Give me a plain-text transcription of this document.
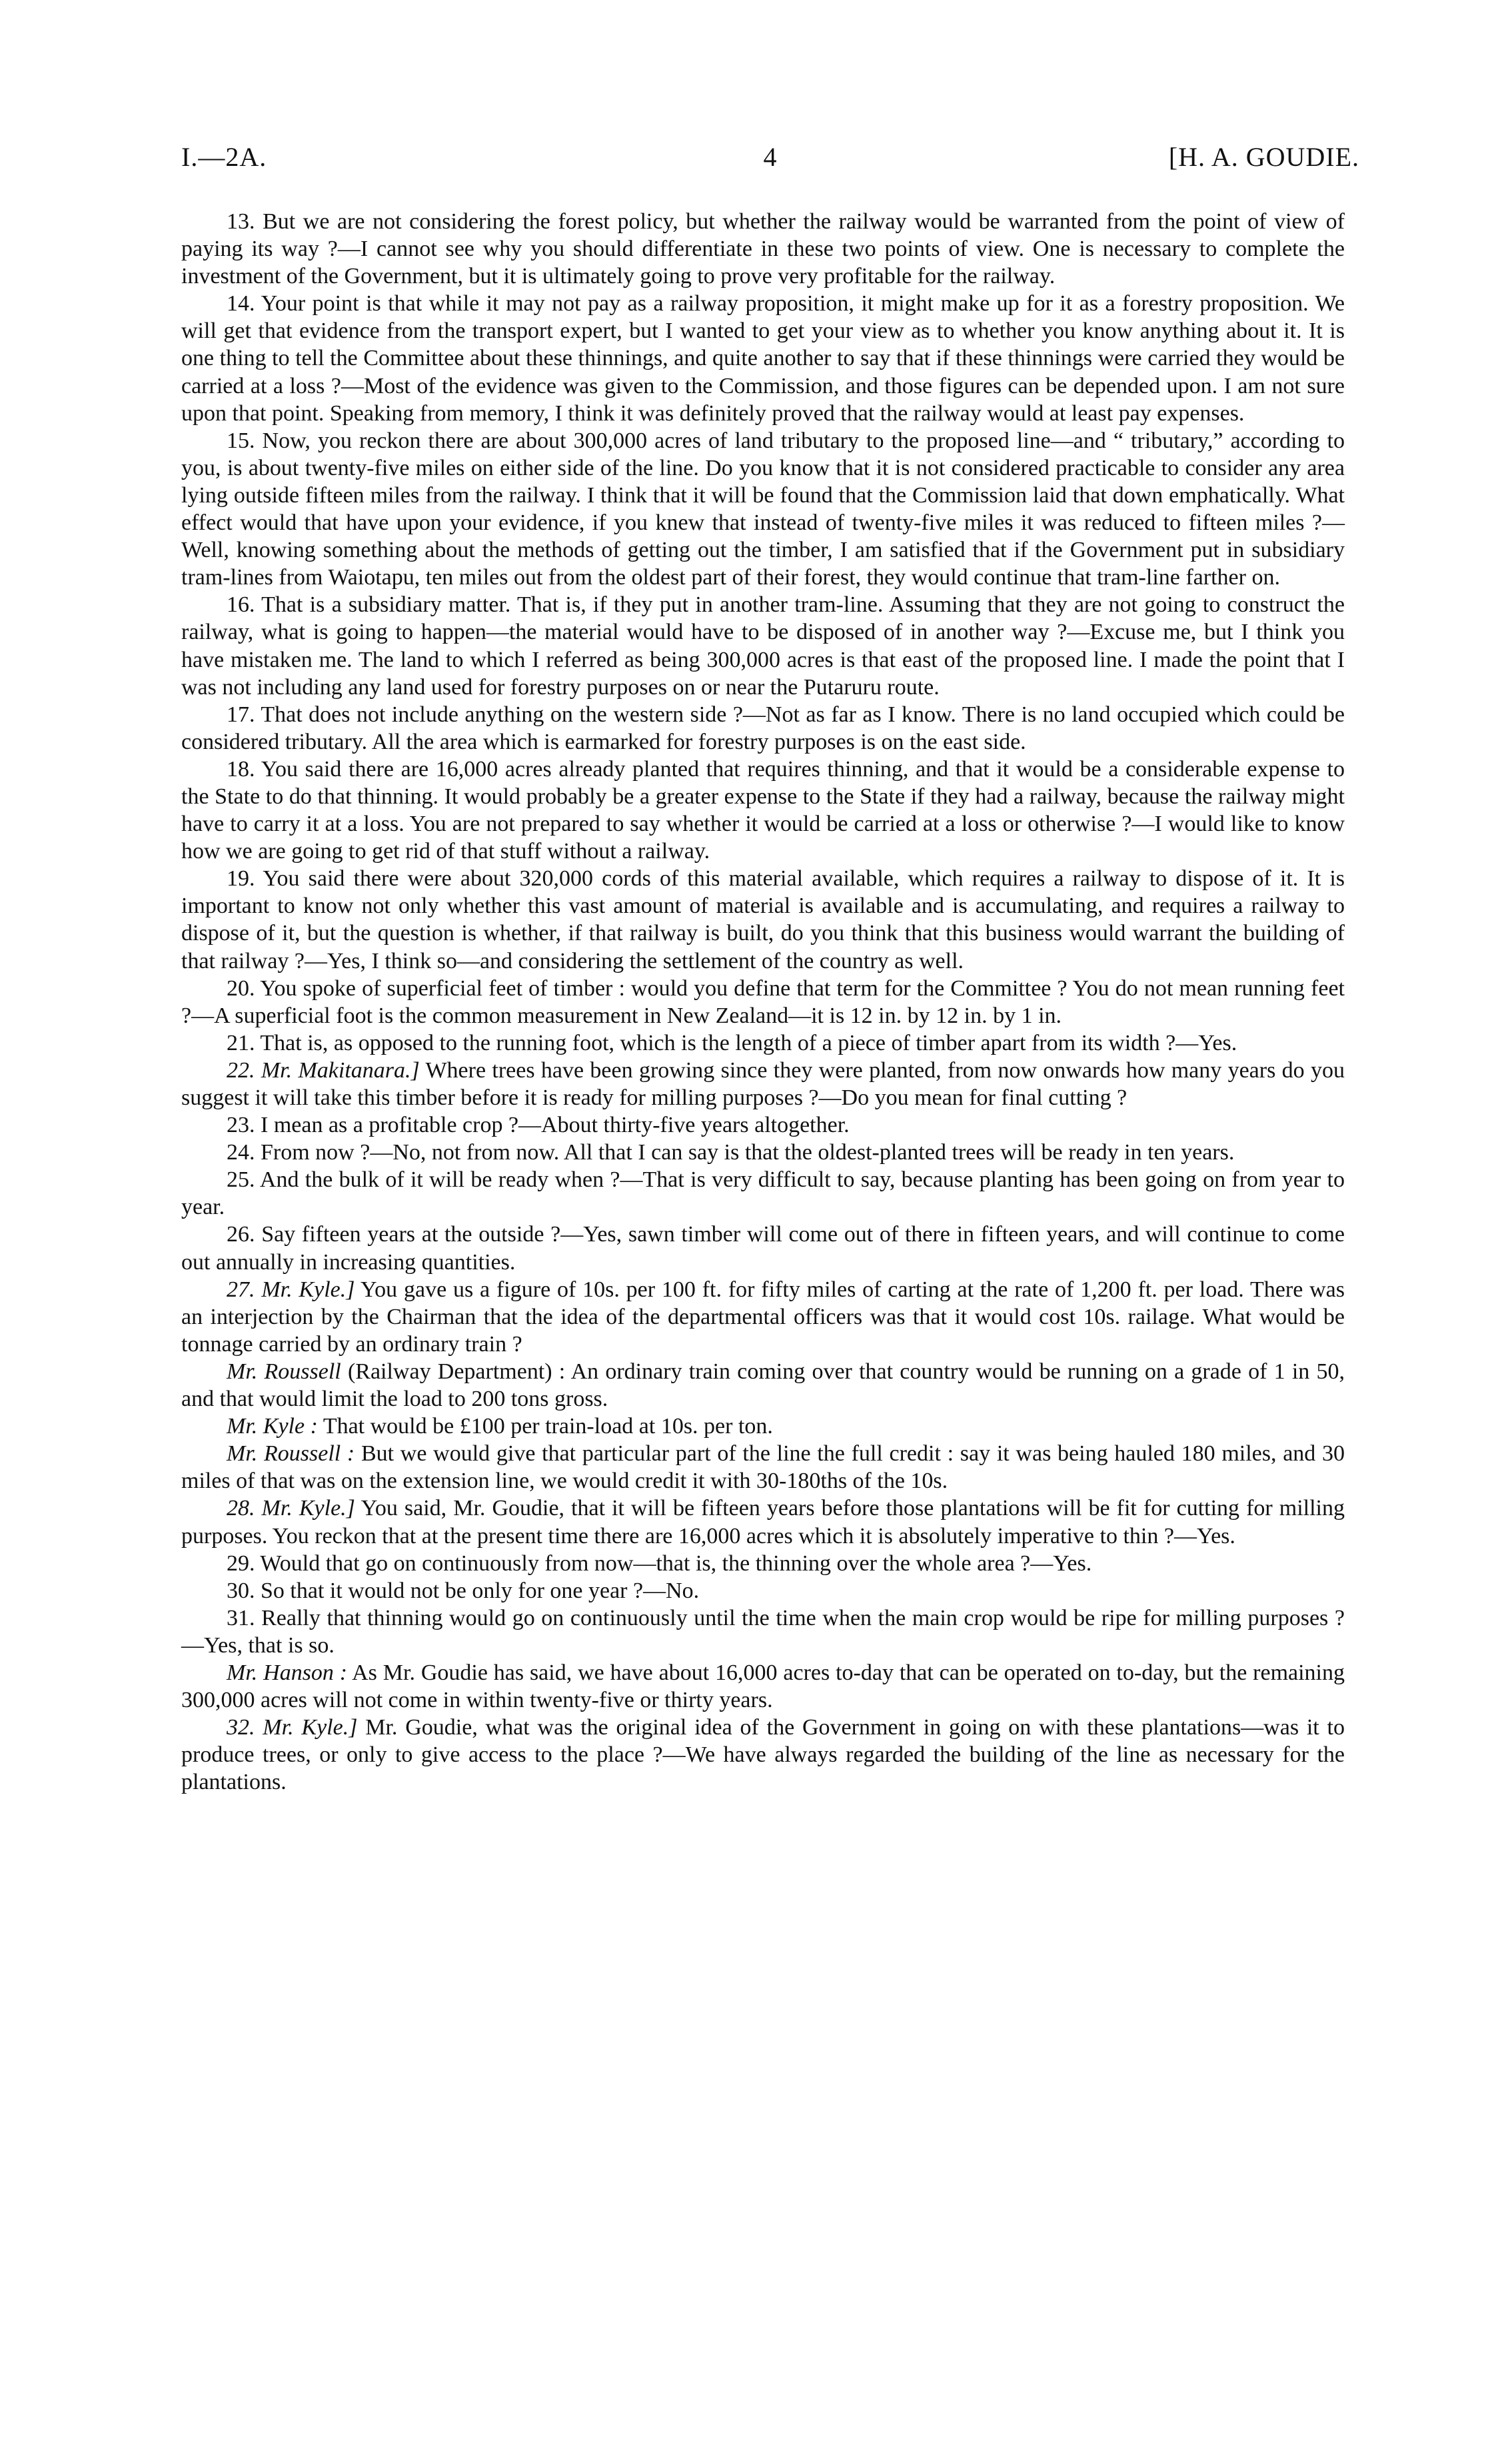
I.—2A.	4	[H. A. GOUDIE.

13. But we are not considering the forest policy, but whether the railway would be warranted from the point of view of paying its way ?—I cannot see why you should differentiate in these two points of view. One is necessary to complete the investment of the Government, but it is ultimately going to prove very profitable for the railway.

14. Your point is that while it may not pay as a railway proposition, it might make up for it as a forestry proposition. We will get that evidence from the transport expert, but I wanted to get your view as to whether you know anything about it. It is one thing to tell the Committee about these thinnings, and quite another to say that if these thinnings were carried they would be carried at a loss ?—Most of the evidence was given to the Commission, and those figures can be depended upon. I am not sure upon that point. Speaking from memory, I think it was definitely proved that the railway would at least pay expenses.

15. Now, you reckon there are about 300,000 acres of land tributary to the proposed line—and “ tributary,” according to you, is about twenty-five miles on either side of the line. Do you know that it is not considered practicable to consider any area lying outside fifteen miles from the railway. I think that it will be found that the Commission laid that down emphatically. What effect would that have upon your evidence, if you knew that instead of twenty-five miles it was reduced to fifteen miles ?—Well, knowing something about the methods of getting out the timber, I am satisfied that if the Government put in subsidiary tram-lines from Waiotapu, ten miles out from the oldest part of their forest, they would continue that tram-line farther on.

16. That is a subsidiary matter. That is, if they put in another tram-line. Assuming that they are not going to construct the railway, what is going to happen—the material would have to be disposed of in another way ?—Excuse me, but I think you have mistaken me. The land to which I referred as being 300,000 acres is that east of the proposed line. I made the point that I was not including any land used for forestry purposes on or near the Putaruru route.

17. That does not include anything on the western side ?—Not as far as I know. There is no land occupied which could be considered tributary. All the area which is earmarked for forestry purposes is on the east side.

18. You said there are 16,000 acres already planted that requires thinning, and that it would be a considerable expense to the State to do that thinning. It would probably be a greater expense to the State if they had a railway, because the railway might have to carry it at a loss. You are not prepared to say whether it would be carried at a loss or otherwise ?—I would like to know how we are going to get rid of that stuff without a railway.

19. You said there were about 320,000 cords of this material available, which requires a railway to dispose of it. It is important to know not only whether this vast amount of material is available and is accumulating, and requires a railway to dispose of it, but the question is whether, if that railway is built, do you think that this business would warrant the building of that railway ?—Yes, I think so—and considering the settlement of the country as well.

20. You spoke of superficial feet of timber : would you define that term for the Committee ? You do not mean running feet ?—A superficial foot is the common measurement in New Zealand—it is 12 in. by 12 in. by 1 in.

21. That is, as opposed to the running foot, which is the length of a piece of timber apart from its width ?—Yes.

22. Mr. Makitanara.] Where trees have been growing since they were planted, from now onwards how many years do you suggest it will take this timber before it is ready for milling purposes ?—Do you mean for final cutting ?

23. I mean as a profitable crop ?—About thirty-five years altogether.

24. From now ?—No, not from now. All that I can say is that the oldest-planted trees will be ready in ten years.

25. And the bulk of it will be ready when ?—That is very difficult to say, because planting has been going on from year to year.

26. Say fifteen years at the outside ?—Yes, sawn timber will come out of there in fifteen years, and will continue to come out annually in increasing quantities.

27. Mr. Kyle.] You gave us a figure of 10s. per 100 ft. for fifty miles of carting at the rate of 1,200 ft. per load. There was an interjection by the Chairman that the idea of the departmental officers was that it would cost 10s. railage. What would be tonnage carried by an ordinary train ?

Mr. Roussell (Railway Department) : An ordinary train coming over that country would be running on a grade of 1 in 50, and that would limit the load to 200 tons gross.

Mr. Kyle : That would be £100 per train-load at 10s. per ton.

Mr. Roussell : But we would give that particular part of the line the full credit : say it was being hauled 180 miles, and 30 miles of that was on the extension line, we would credit it with 30-180ths of the 10s.

28. Mr. Kyle.] You said, Mr. Goudie, that it will be fifteen years before those plantations will be fit for cutting for milling purposes. You reckon that at the present time there are 16,000 acres which it is absolutely imperative to thin ?—Yes.

29. Would that go on continuously from now—that is, the thinning over the whole area ?—Yes.

30. So that it would not be only for one year ?—No.

31. Really that thinning would go on continuously until the time when the main crop would be ripe for milling purposes ?—Yes, that is so.

Mr. Hanson : As Mr. Goudie has said, we have about 16,000 acres to-day that can be operated on to-day, but the remaining 300,000 acres will not come in within twenty-five or thirty years.

32. Mr. Kyle.] Mr. Goudie, what was the original idea of the Government in going on with these plantations—was it to produce trees, or only to give access to the place ?—We have always regarded the building of the line as necessary for the plantations.
